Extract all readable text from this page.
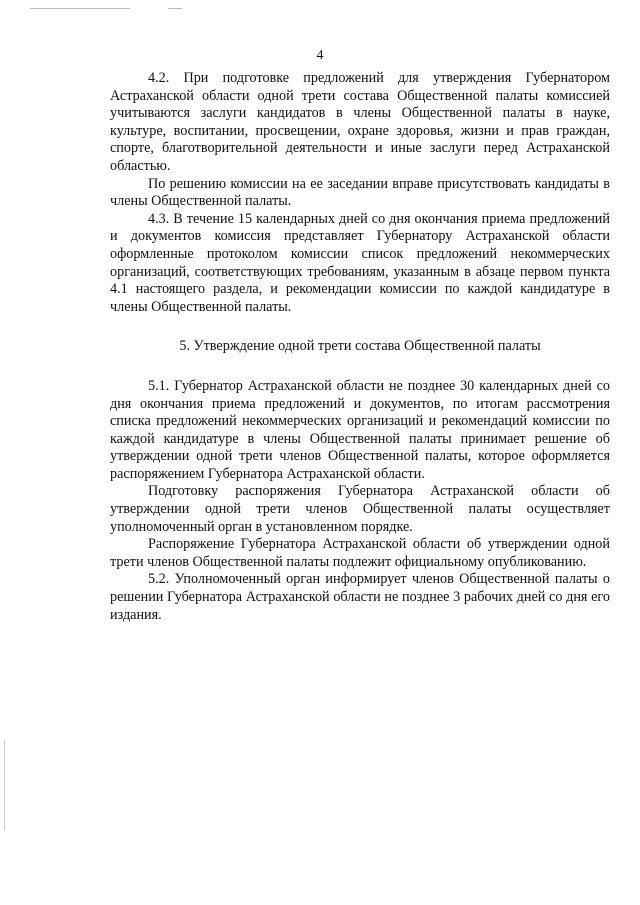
4

4.2. При подготовке предложений для утверждения Губернатором Астраханской области одной трети состава Общественной палаты комиссией учитываются заслуги кандидатов в члены Общественной палаты в науке, культуре, воспитании, просвещении, охране здоровья, жизни и прав граждан, спорте, благотворительной деятельности и иные заслуги перед Астраханской областью.

По решению комиссии на ее заседании вправе присутствовать кандидаты в члены Общественной палаты.

4.3. В течение 15 календарных дней со дня окончания приема предложений и документов комиссия представляет Губернатору Астраханской области оформленные протоколом комиссии список предложений некоммерческих организаций, соответствующих требованиям, указанным в абзаце первом пункта 4.1 настоящего раздела, и рекомендации комиссии по каждой кандидатуре в члены Общественной палаты.

5. Утверждение одной трети состава Общественной палаты

5.1. Губернатор Астраханской области не позднее 30 календарных дней со дня окончания приема предложений и документов, по итогам рассмотрения списка предложений некоммерческих организаций и рекомендаций комиссии по каждой кандидатуре в члены Общественной палаты принимает решение об утверждении одной трети членов Общественной палаты, которое оформляется распоряжением Губернатора Астраханской области.

Подготовку распоряжения Губернатора Астраханской области об утверждении одной трети членов Общественной палаты осуществляет уполномоченный орган в установленном порядке.

Распоряжение Губернатора Астраханской области об утверждении одной трети членов Общественной палаты подлежит официальному опубликованию.

5.2. Уполномоченный орган информирует членов Общественной палаты о решении Губернатора Астраханской области не позднее 3 рабочих дней со дня его издания.
